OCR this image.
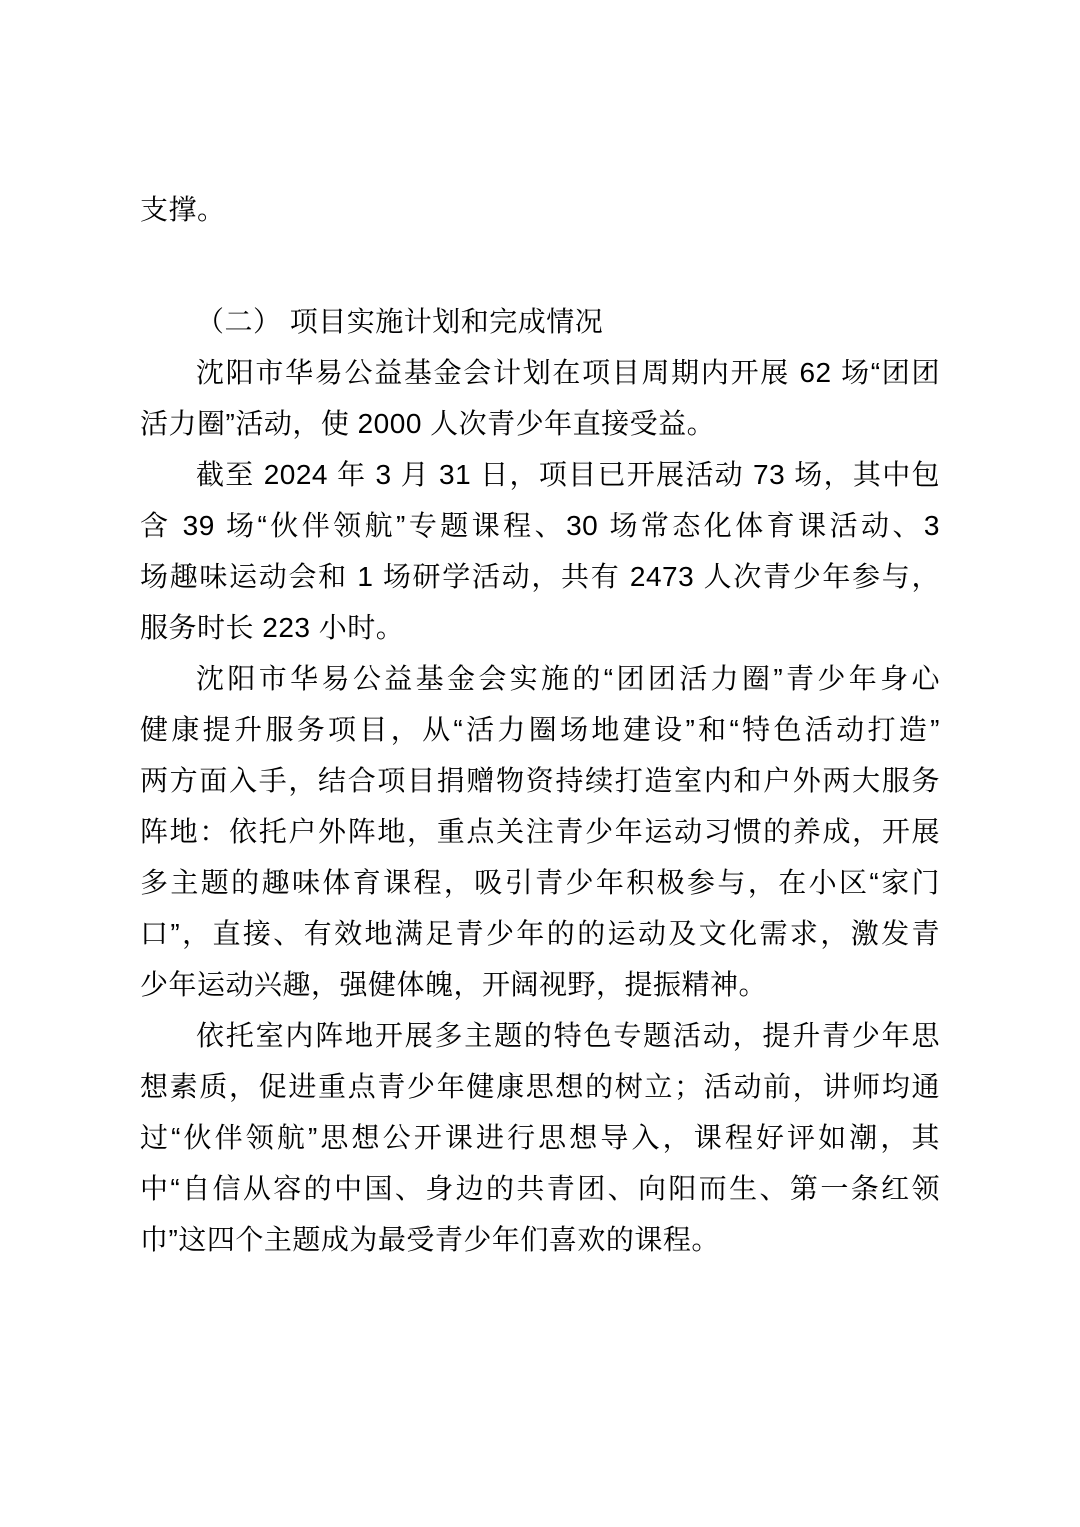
支撑。
（二） 项目实施计划和完成情况
沈阳市华易公益基金会计划在项目周期内开展 62 场“团团
活力圈”活动，使 2000 人次青少年直接受益。
截至 2024 年 3 月 31 日，项目已开展活动 73 场，其中包
含 39 场“伙伴领航”专题课程、30 场常态化体育课活动、3
场趣味运动会和 1 场研学活动，共有 2473 人次青少年参与，
服务时长 223 小时。
沈阳市华易公益基金会实施的“团团活力圈”青少年身心
健康提升服务项目，从“活力圈场地建设”和“特色活动打造”
两方面入手，结合项目捐赠物资持续打造室内和户外两大服务
阵地：依托户外阵地，重点关注青少年运动习惯的养成，开展
多主题的趣味体育课程，吸引青少年积极参与，在小区“家门
口”，直接、有效地满足青少年的的运动及文化需求，激发青
少年运动兴趣，强健体魄，开阔视野，提振精神。
依托室内阵地开展多主题的特色专题活动，提升青少年思
想素质，促进重点青少年健康思想的树立；活动前，讲师均通
过“伙伴领航”思想公开课进行思想导入，课程好评如潮，其
中“自信从容的中国、身边的共青团、向阳而生、第一条红领
巾”这四个主题成为最受青少年们喜欢的课程。
